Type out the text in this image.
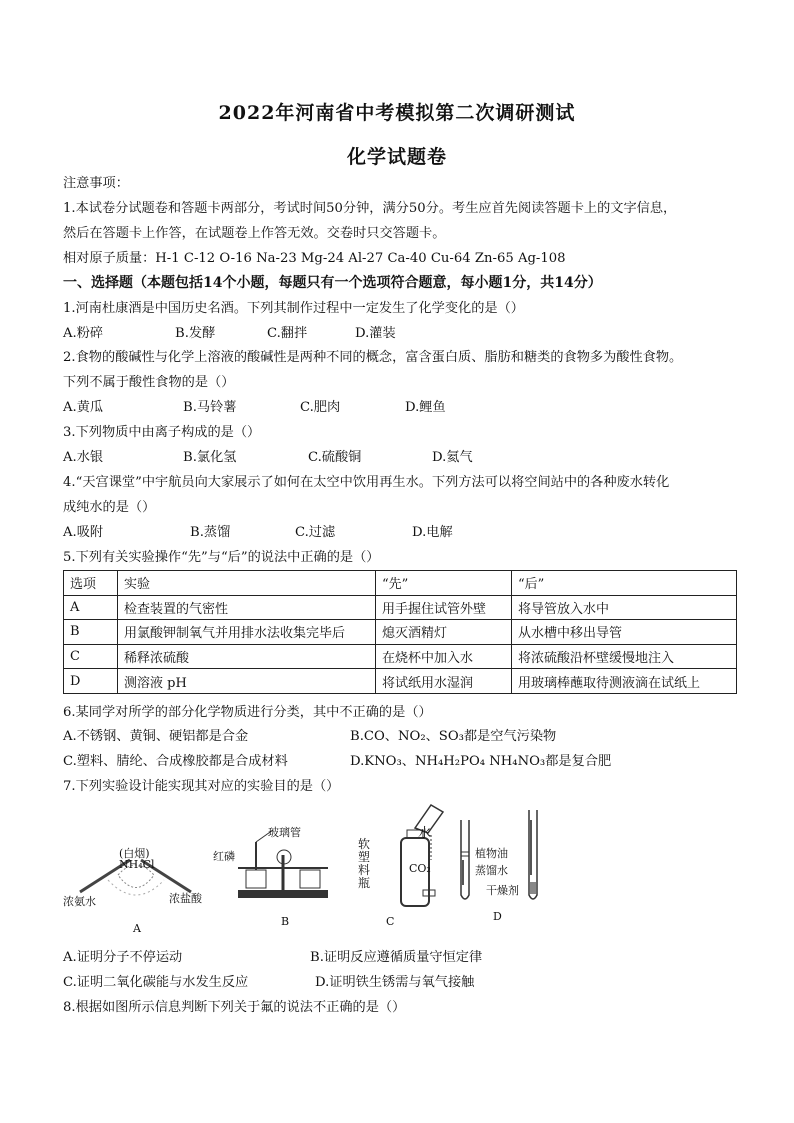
2022年河南省中考模拟第二次调研测试
化学试题卷
注意事项：
1.本试卷分试题卷和答题卡两部分，考试时间50分钟，满分50分。考生应首先阅读答题卡上的文字信息，
然后在答题卡上作答，在试题卷上作答无效。交卷时只交答题卡。
相对原子质量：H-1 C-12 O-16 Na-23 Mg-24 Al-27 Ca-40 Cu-64 Zn-65 Ag-108
一、选择题（本题包括14个小题，每题只有一个选项符合题意，每小题1分，共14分）
1.河南杜康酒是中国历史名酒。下列其制作过程中一定发生了化学变化的是（）
A.粉碎	B.发酵	C.翻拌	D.灌装
2.食物的酸碱性与化学上溶液的酸碱性是两种不同的概念，富含蛋白质、脂肪和糖类的食物多为酸性食物。
下列不属于酸性食物的是（）
A.黄瓜	B.马铃薯	C.肥肉	D.鲤鱼
3.下列物质中由离子构成的是（）
A.水银	B.氯化氢	C.硫酸铜	D.氦气
4.“天宫课堂”中宇航员向大家展示了如何在太空中饮用再生水。下列方法可以将空间站中的各种废水转化
成纯水的是（）
A.吸附	B.蒸馏	C.过滤	D.电解
5.下列有关实验操作“先”与“后”的说法中正确的是（）
选项	实验	“先”	“后”
A	检查装置的气密性	用手握住试管外壁	将导管放入水中
B	用氯酸钾制氧气并用排水法收集完毕后	熄灭酒精灯	从水槽中移出导管
C	稀释浓硫酸	在烧杯中加入水	将浓硫酸沿杯壁缓慢地注入
D	测溶液 pH	将试纸用水湿润	用玻璃棒蘸取待测液滴在试纸上
6.某同学对所学的部分化学物质进行分类，其中不正确的是（）
A.不锈钢、黄铜、硬铝都是合金	B.CO、NO₂、SO₃都是空气污染物
C.塑料、腈纶、合成橡胶都是合成材料	D.KNO₃、NH₄H₂PO₄ NH₄NO₃都是复合肥
7.下列实验设计能实现其对应的实验目的是（）
(白烟)
NH₄Cl
浓氨水	浓盐酸
A
玻璃管
红磷
B
软塑料瓶
水
CO₂
C
植物油
蒸馏水
干燥剂
D
A.证明分子不停运动	B.证明反应遵循质量守恒定律
C.证明二氧化碳能与水发生反应	D.证明铁生锈需与氧气接触
8.根据如图所示信息判断下列关于氟的说法不正确的是（）
